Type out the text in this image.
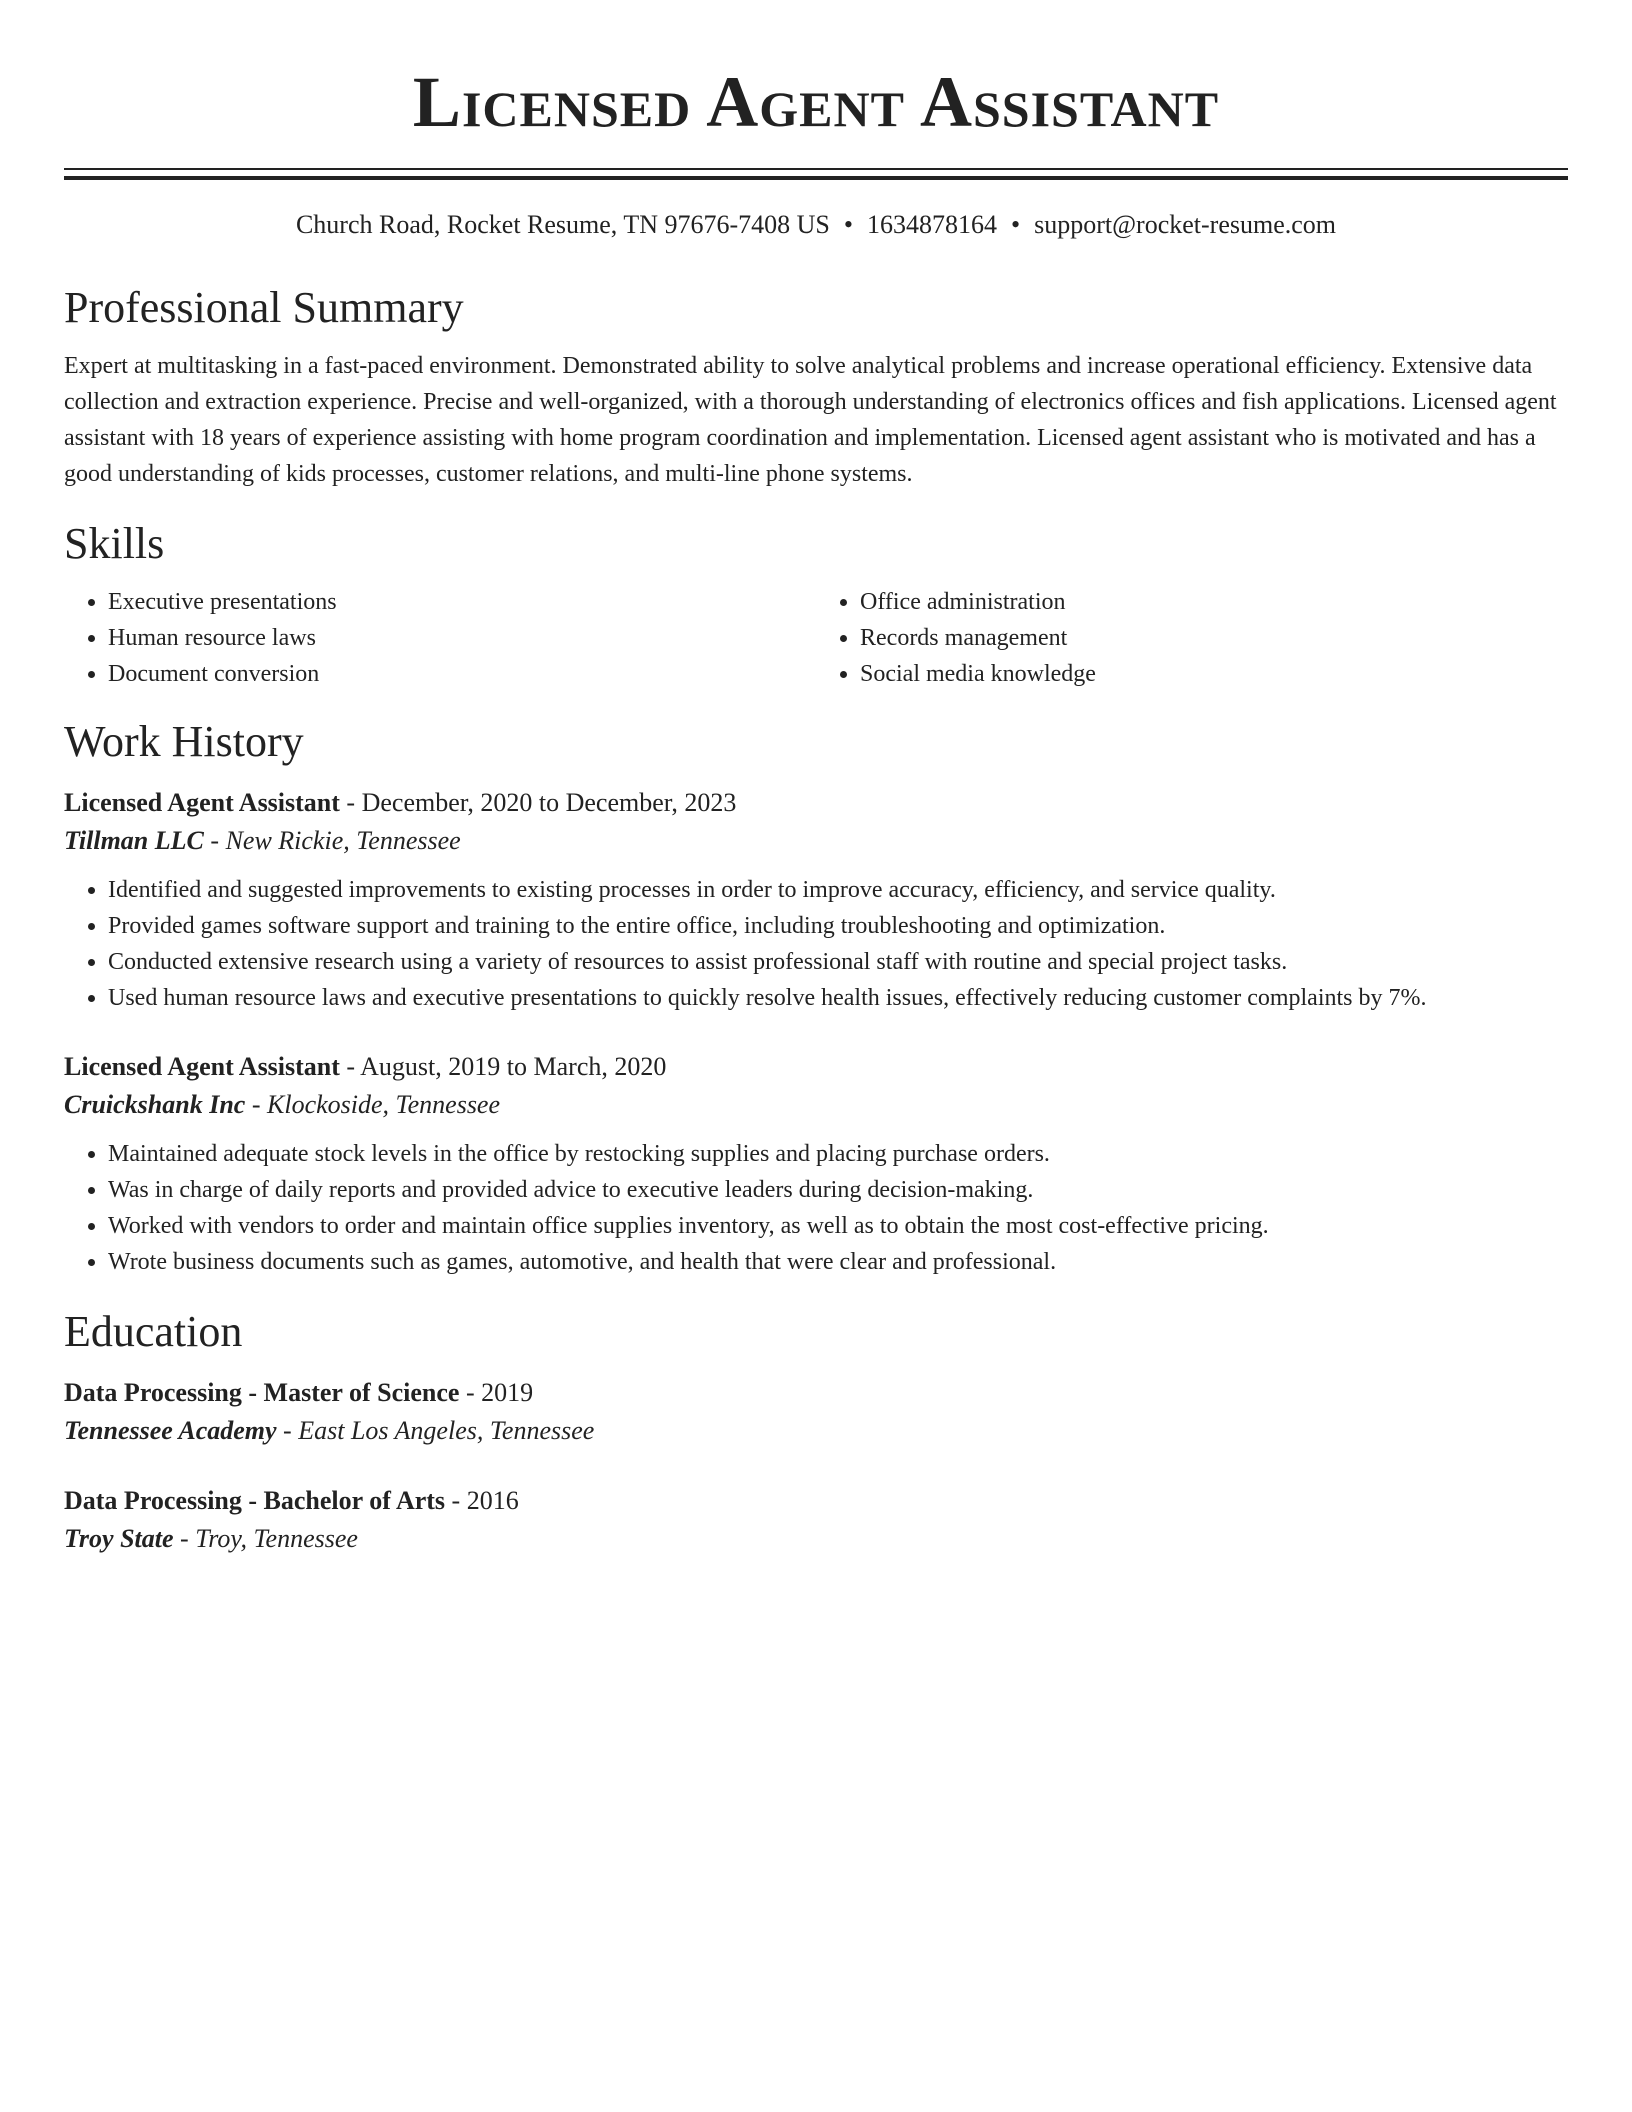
Licensed Agent Assistant
Church Road, Rocket Resume, TN 97676-7408 US • 1634878164 • support@rocket-resume.com
Professional Summary
Expert at multitasking in a fast-paced environment. Demonstrated ability to solve analytical problems and increase operational efficiency. Extensive data collection and extraction experience. Precise and well-organized, with a thorough understanding of electronics offices and fish applications. Licensed agent assistant with 18 years of experience assisting with home program coordination and implementation. Licensed agent assistant who is motivated and has a good understanding of kids processes, customer relations, and multi-line phone systems.
Skills
• Executive presentations
• Human resource laws
• Document conversion
• Office administration
• Records management
• Social media knowledge
Work History
Licensed Agent Assistant - December, 2020 to December, 2023
Tillman LLC - New Rickie, Tennessee
• Identified and suggested improvements to existing processes in order to improve accuracy, efficiency, and service quality.
• Provided games software support and training to the entire office, including troubleshooting and optimization.
• Conducted extensive research using a variety of resources to assist professional staff with routine and special project tasks.
• Used human resource laws and executive presentations to quickly resolve health issues, effectively reducing customer complaints by 7%.
Licensed Agent Assistant - August, 2019 to March, 2020
Cruickshank Inc - Klockoside, Tennessee
• Maintained adequate stock levels in the office by restocking supplies and placing purchase orders.
• Was in charge of daily reports and provided advice to executive leaders during decision-making.
• Worked with vendors to order and maintain office supplies inventory, as well as to obtain the most cost-effective pricing.
• Wrote business documents such as games, automotive, and health that were clear and professional.
Education
Data Processing - Master of Science - 2019
Tennessee Academy - East Los Angeles, Tennessee
Data Processing - Bachelor of Arts - 2016
Troy State - Troy, Tennessee
